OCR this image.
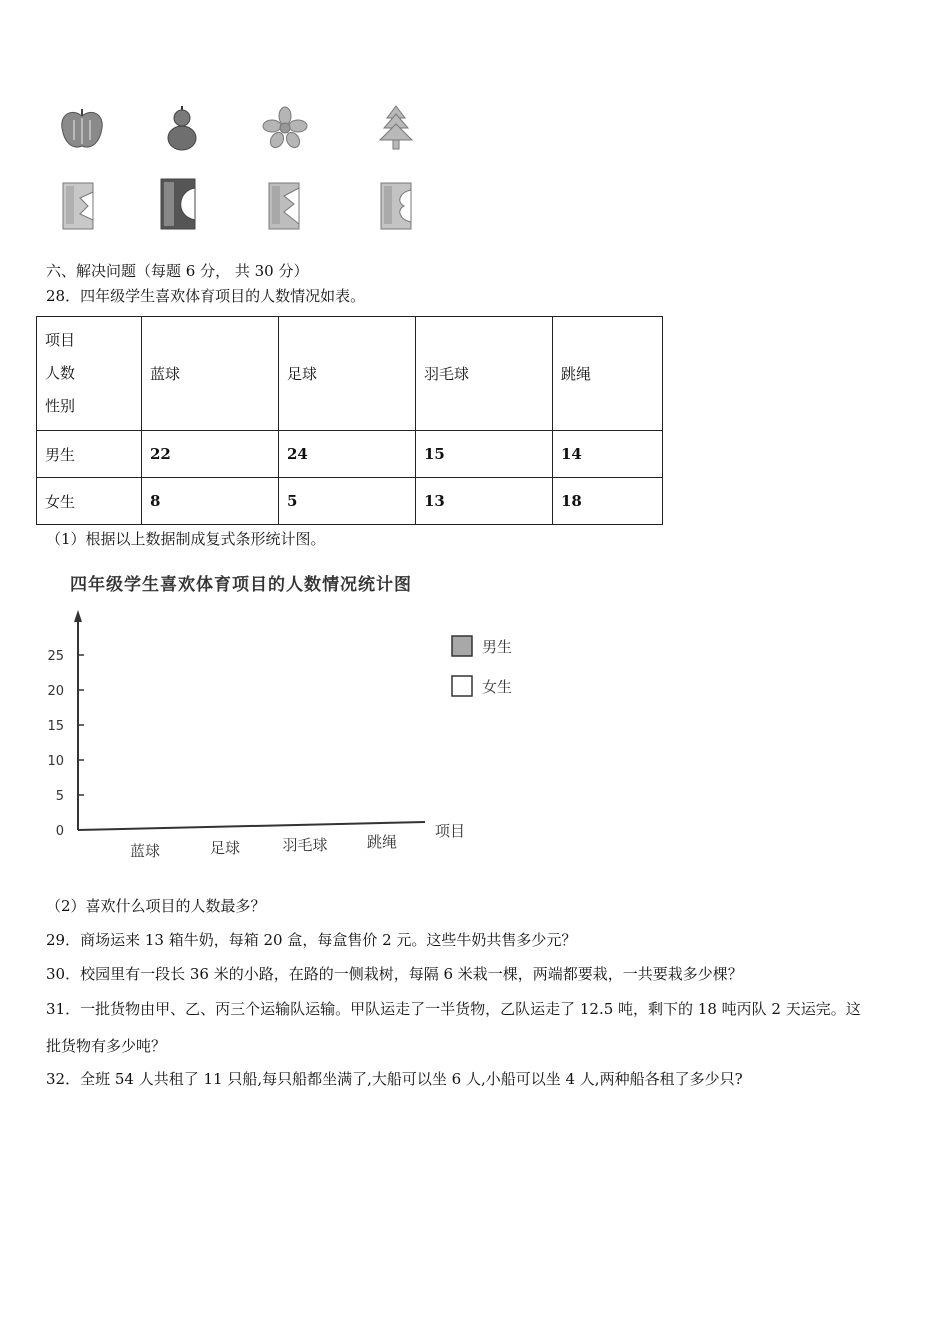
六、解决问题（每题 6 分， 共 30 分）
28．四年级学生喜欢体育项目的人数情况如表。
项目
人数
性别	蓝球	足球	羽毛球	跳绳
男生	22	24	15	14
女生	8	5	13	18
（1）根据以上数据制成复式条形统计图。
四年级学生喜欢体育项目的人数情况统计图
0
5
10
15
20
25
蓝球	足球	羽毛球	跳绳
项目
男生
女生
（2）喜欢什么项目的人数最多？
29．商场运来 13 箱牛奶，每箱 20 盒，每盒售价 2 元。这些牛奶共售多少元？
30．校园里有一段长 36 米的小路，在路的一侧栽树，每隔 6 米栽一棵，两端都要栽，一共要栽多少棵？
31．一批货物由甲、乙、丙三个运输队运输。甲队运走了一半货物，乙队运走了 12.5 吨，剩下的 18 吨丙队 2 天运完。这
批货物有多少吨？
32．全班 54 人共租了 11 只船,每只船都坐满了,大船可以坐 6 人,小船可以坐 4 人,两种船各租了多少只?
